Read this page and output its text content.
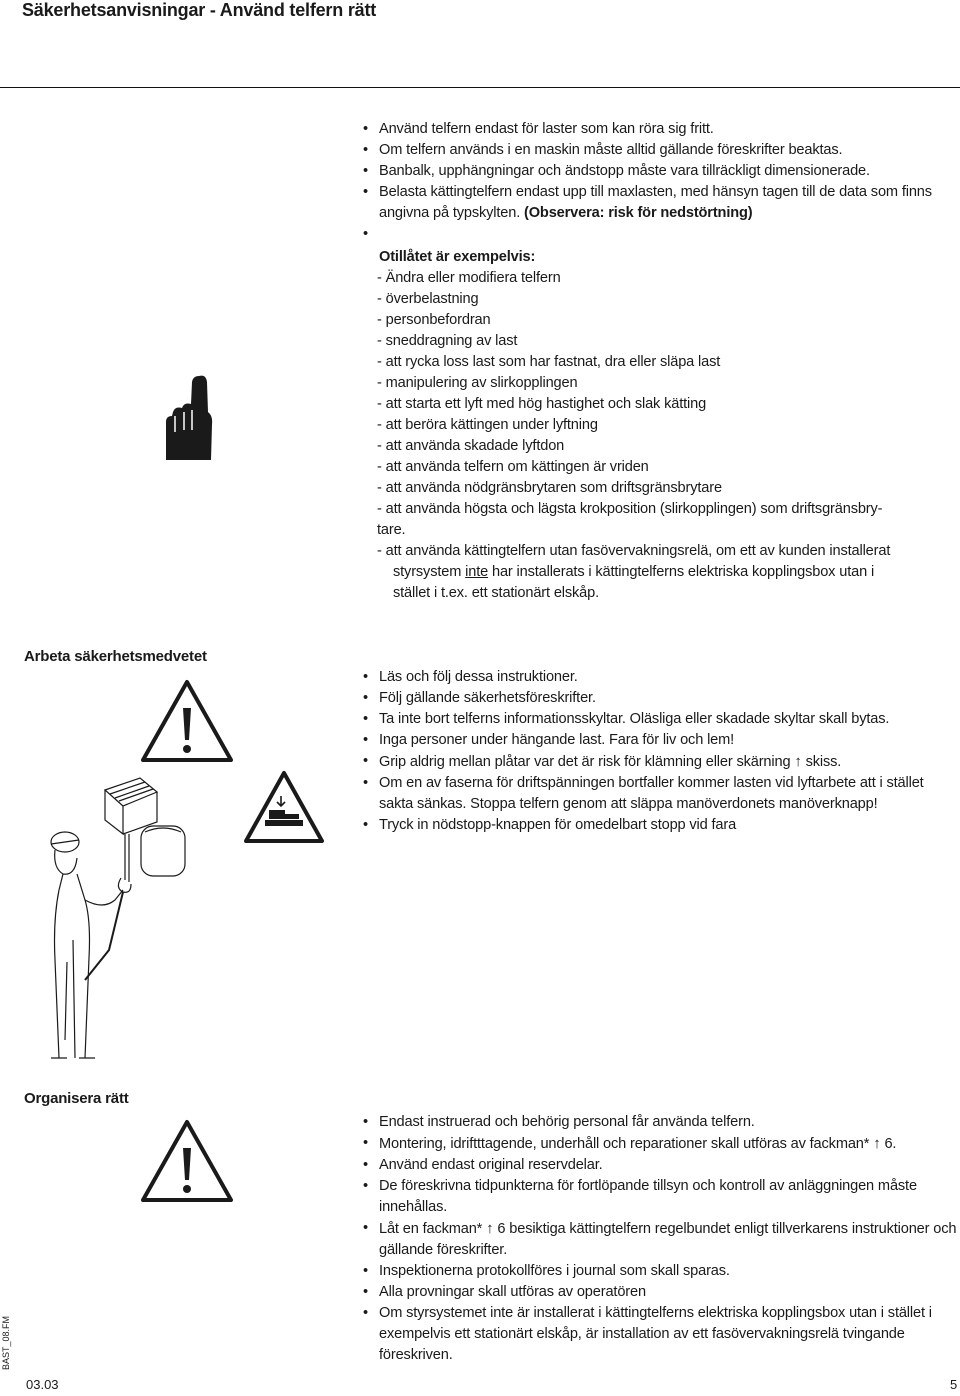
Säkerhetsanvisningar - Använd telfern rätt
• Använd telfern endast för laster som kan röra sig fritt.
• Om telfern används i en maskin måste alltid gällande föreskrifter beaktas.
• Banbalk, upphängningar och ändstopp måste vara tillräckligt dimensionerade.
• Belasta kättingtelfern endast upp till maxlasten, med hänsyn tagen till de data som finns angivna på typskylten. (Observera: risk för nedstörtning)
•
Otillåtet är exempelvis:
- Ändra eller modifiera telfern
- överbelastning
- personbefordran
- sneddragning av last
- att rycka loss last som har fastnat, dra eller släpa last
- manipulering av slirkopplingen
- att starta ett lyft med hög hastighet och slak kätting
- att beröra kättingen under lyftning
- att använda skadade lyftdon
- att använda telfern om kättingen är vriden
- att använda nödgränsbrytaren som driftsgränsbrytare
- att använda högsta och lägsta krokposition (slirkopplingen) som driftsgränsbry-
tare.
- att använda kättingtelfern utan fasövervakningsrelä, om ett av kunden installerat
styrsystem inte har installerats i kättingtelferns elektriska kopplingsbox utan i
stället i t.ex. ett stationärt elskåp.
Arbeta säkerhetsmedvetet
• Läs och följ dessa instruktioner.
• Följ gällande säkerhetsföreskrifter.
• Ta inte bort telferns informationsskyltar. Oläsliga eller skadade skyltar skall bytas.
• Inga personer under hängande last. Fara för liv och lem!
• Grip aldrig mellan plåtar var det är risk för klämning eller skärning ↑ skiss.
• Om en av faserna för driftspänningen bortfaller kommer lasten vid lyftarbete att i stället sakta sänkas. Stoppa telfern genom att släppa manöverdonets manöverknapp!
• Tryck in nödstopp-knappen för omedelbart stopp vid fara
Organisera rätt
• Endast instruerad och behörig personal får använda telfern.
• Montering, idriftttagende, underhåll och reparationer skall utföras av fackman* ↑ 6.
• Använd endast original reservdelar.
• De föreskrivna tidpunkterna för fortlöpande tillsyn och kontroll av anläggningen måste innehållas.
• Låt en fackman* ↑ 6 besiktiga kättingtelfern regelbundet enligt tillverkarens instruktioner och gällande föreskrifter.
• Inspektionerna protokollföres i journal som skall sparas.
• Alla provningar skall utföras av operatören
• Om styrsystemet inte är installerat i kättingtelferns elektriska kopplingsbox utan i stället i exempelvis ett stationärt elskåp, är installation av ett fasövervakningsrelä tvingande föreskriven.
BAST_08.FM
03.03	5
